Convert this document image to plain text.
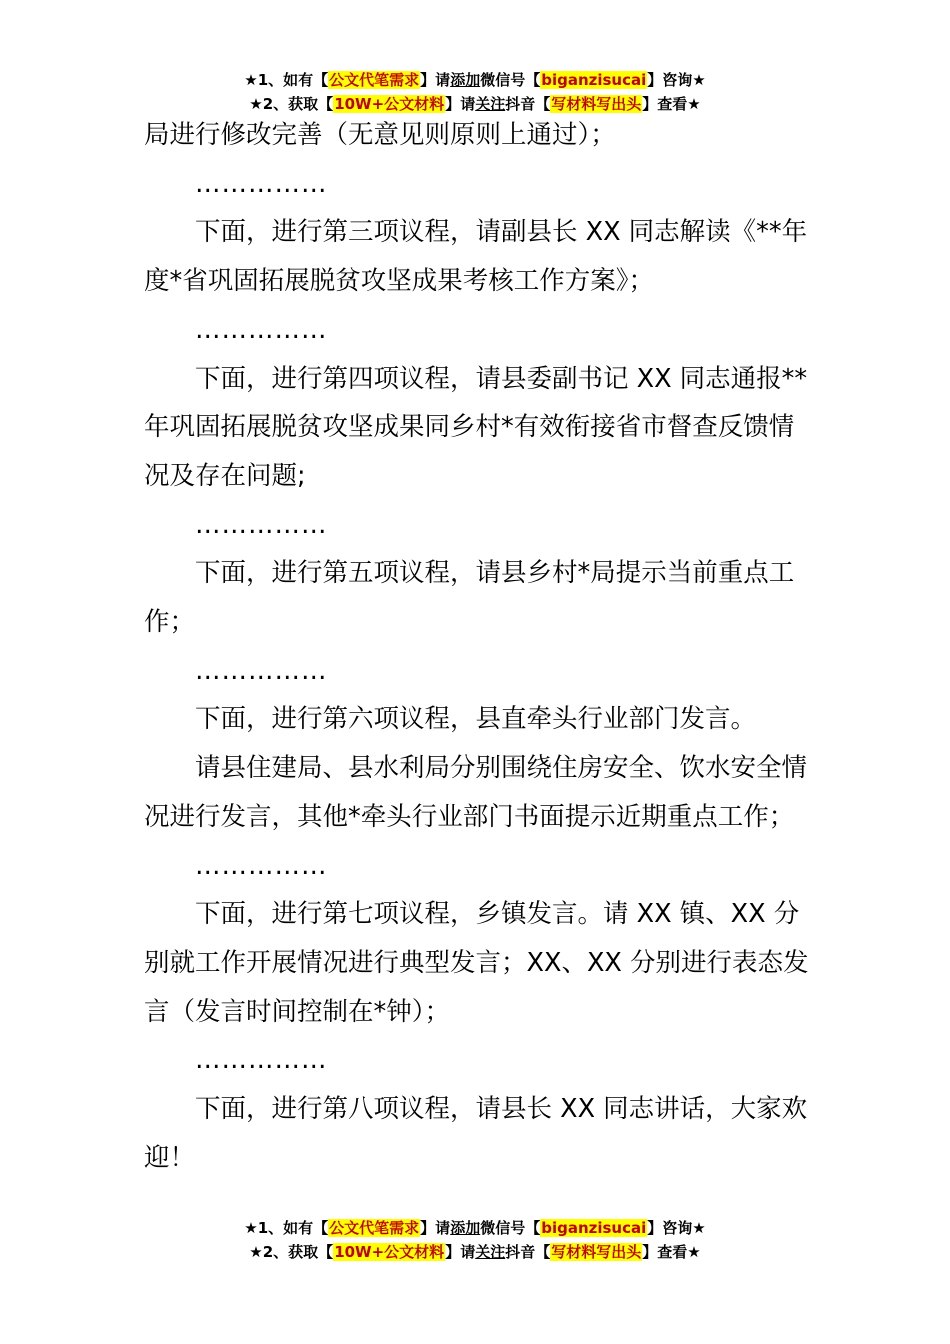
★1、如有【公文代笔需求】请添加微信号【biganzisucai】咨询★
★2、获取【10W+公文材料】请关注抖音【写材料写出头】查看★

局进行修改完善（无意见则原则上通过）；

……………

下面，进行第三项议程，请副县长 XX 同志解读《**年度*省巩固拓展脱贫攻坚成果考核工作方案》；

……………

下面，进行第四项议程，请县委副书记 XX 同志通报**年巩固拓展脱贫攻坚成果同乡村*有效衔接省市督查反馈情况及存在问题;

……………

下面，进行第五项议程，请县乡村*局提示当前重点工作；

……………

下面，进行第六项议程，县直牵头行业部门发言。

请县住建局、县水利局分别围绕住房安全、饮水安全情况进行发言，其他*牵头行业部门书面提示近期重点工作；

……………

下面，进行第七项议程，乡镇发言。请 XX 镇、XX 分别就工作开展情况进行典型发言；XX、XX 分别进行表态发言（发言时间控制在*钟）；

……………

下面，进行第八项议程，请县长 XX 同志讲话，大家欢迎！

★1、如有【公文代笔需求】请添加微信号【biganzisucai】咨询★
★2、获取【10W+公文材料】请关注抖音【写材料写出头】查看★
